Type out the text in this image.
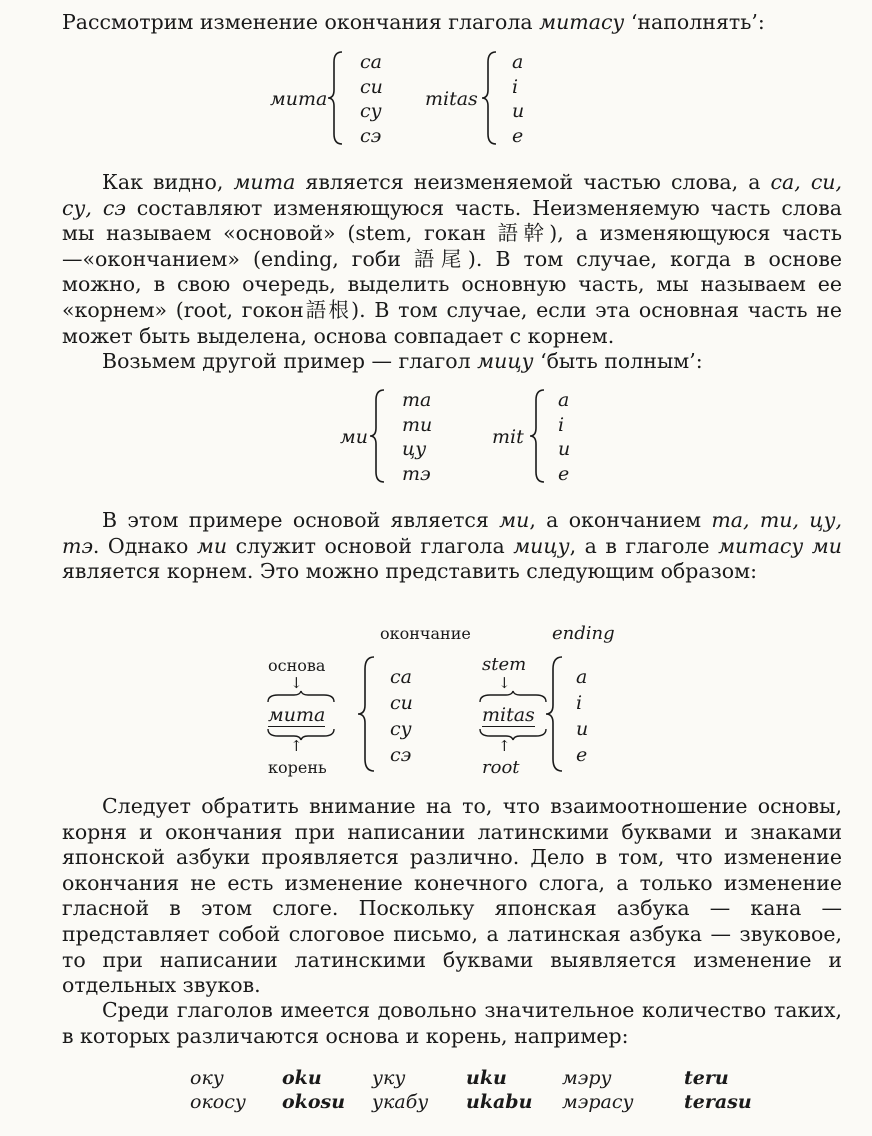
Рассмотрим изменение окончания глагола митасу ‘наполнять’:

мита
са
си
су
сэ
mitas
a
i
u
e

Как видно, мита является неизменяемой частью слова, а са, си, су, сэ составляют изменяющуюся часть. Неизменяемую часть слова мы называем «основой» (stem, гокан 語幹), а изменяющуюся часть—«окончанием» (ending, гоби 語尾). В том случае, когда в основе можно, в свою очередь, выделить основную часть, мы называем ее «корнем» (root, гокон語根). В том случае, если эта основная часть не может быть выделена, основа совпадает с корнем.

Возьмем другой пример — глагол мицу ‘быть полным’:

ми
та
ти
цу
тэ
mit
a
i
u
e

В этом примере основой является ми, а окончанием та, ти, цу, тэ. Однако ми служит основой глагола мицу, а в глаголе митасу ми является корнем. Это можно представить следующим образом:

окончание	ending
основа
↓
мита
↑
корень
са
си
су
сэ
stem
↓
mitas
↑
root
a
i
u
e

Следует обратить внимание на то, что взаимоотношение основы, корня и окончания при написании латинскими буквами и знаками японской азбуки проявляется различно. Дело в том, что изменение окончания не есть изменение конечного слога, а только изменение гласной в этом слоге. Поскольку японская азбука — кана — представляет собой слоговое письмо, а латинская азбука — звуковое, то при написании латинскими буквами выявляется изменение и отдельных звуков.

Среди глаголов имеется довольно значительное количество таких, в которых различаются основа и корень, например:

оку
окосу
oku
okosu
уку
укабу
uku
ukabu
мэру
мэрасу
teru
terasu
